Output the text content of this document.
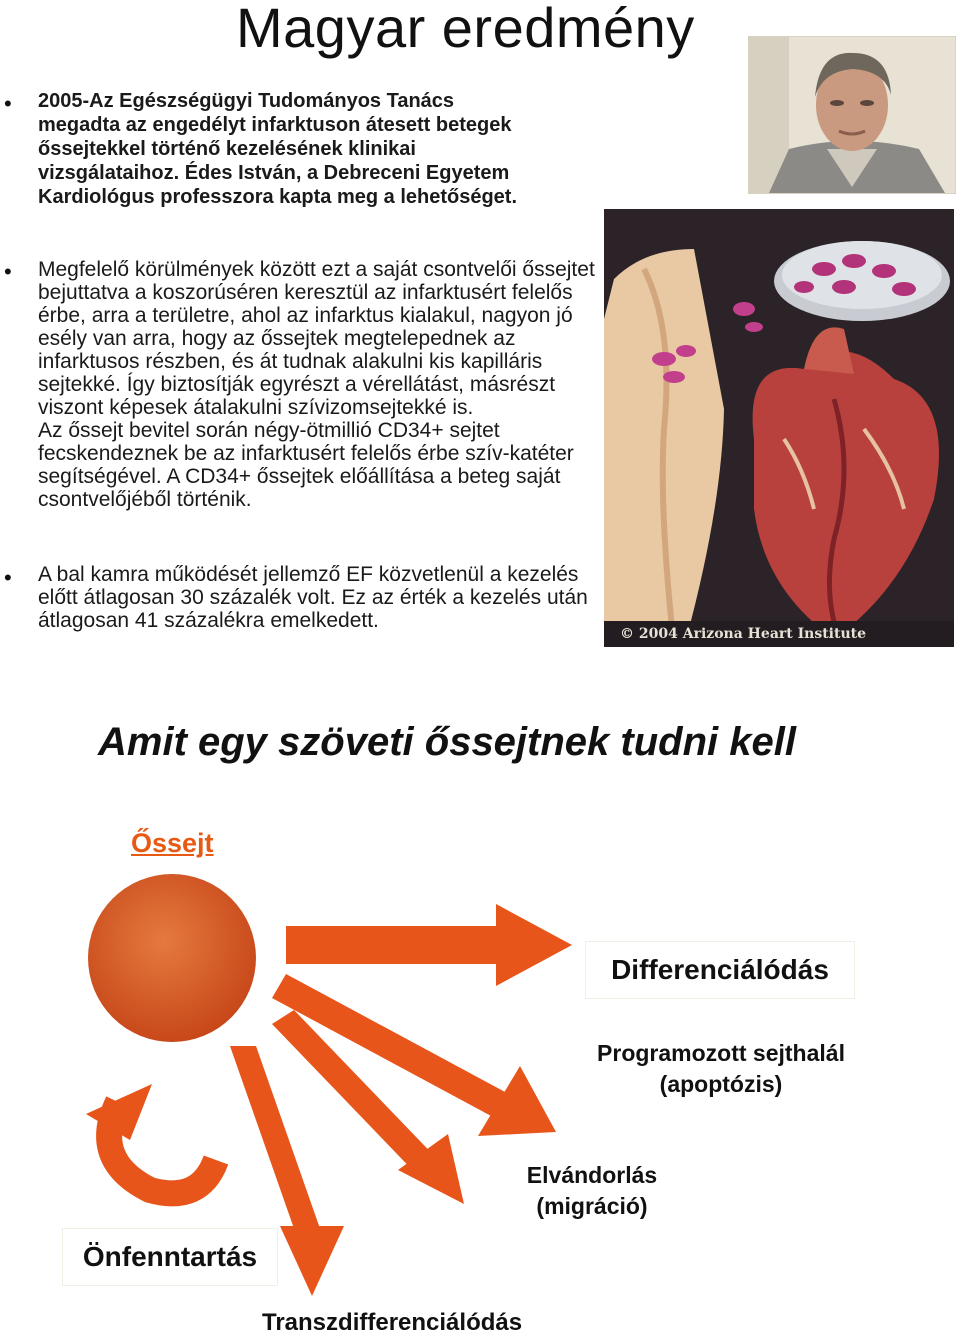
Magyar eredmény
© 2004 Arizona Heart Institute
• 2005-Az Egészségügyi Tudományos Tanács megadta az engedélyt infarktuson átesett betegek őssejtekkel történő kezelésének klinikai vizsgálataihoz. Édes István, a Debreceni Egyetem Kardiológus professzora kapta meg a lehetőséget.
• Megfelelő körülmények között ezt a saját csontvelői őssejtet bejuttatva a koszorúséren keresztül az infarktusért felelős érbe, arra a területre, ahol az infarktus kialakul, nagyon jó esély van arra, hogy az őssejtek megtelepednek az infarktusos részben, és át tudnak alakulni kis kapilláris sejtekké. Így biztosítják egyrészt a vérellátást, másrészt viszont képesek átalakulni szívizomsejtekké is.
Az őssejt bevitel során négy-ötmillió CD34+ sejtet fecskendeznek be az infarktusért felelős érbe szív-katéter segítségével. A CD34+ őssejtek előállítása a beteg saját csontvelőjéből történik.
• A bal kamra működését jellemző EF közvetlenül a kezelés előtt átlagosan 30 százalék volt. Ez az érték a kezelés után átlagosan 41 százalékra emelkedett.
Amit egy szöveti őssejtnek tudni kell
Őssejt
Differenciálódás
Programozott sejthalál (apoptózis)
Elvándorlás (migráció)
Önfenntartás
Transzdifferenciálódás
